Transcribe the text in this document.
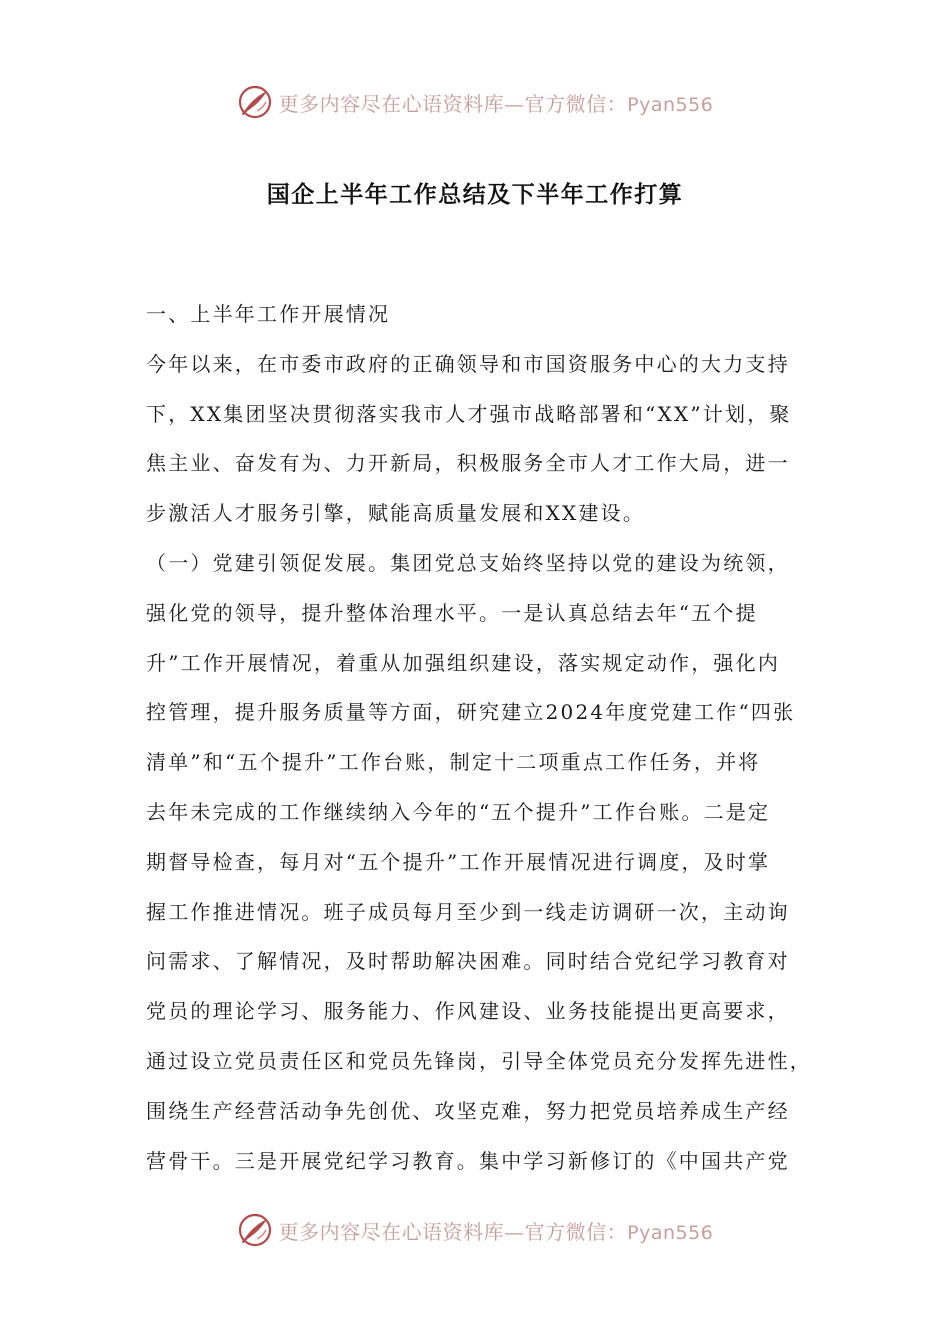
更多内容尽在心语资料库—官方微信：Pyan556
国企上半年工作总结及下半年工作打算
一、上半年工作开展情况
今年以来，在市委市政府的正确领导和市国资服务中心的大力支持
下，XX集团坚决贯彻落实我市人才强市战略部署和“XX”计划，聚
焦主业、奋发有为、力开新局，积极服务全市人才工作大局，进一
步激活人才服务引擎，赋能高质量发展和XX建设。
（一）党建引领促发展。集团党总支始终坚持以党的建设为统领，
强化党的领导，提升整体治理水平。一是认真总结去年“五个提
升”工作开展情况，着重从加强组织建设，落实规定动作，强化内
控管理，提升服务质量等方面，研究建立2024年度党建工作“四张
清单”和“五个提升”工作台账，制定十二项重点工作任务，并将
去年未完成的工作继续纳入今年的“五个提升”工作台账。二是定
期督导检查，每月对“五个提升”工作开展情况进行调度，及时掌
握工作推进情况。班子成员每月至少到一线走访调研一次，主动询
问需求、了解情况，及时帮助解决困难。同时结合党纪学习教育对
党员的理论学习、服务能力、作风建设、业务技能提出更高要求，
通过设立党员责任区和党员先锋岗，引导全体党员充分发挥先进性，
围绕生产经营活动争先创优、攻坚克难，努力把党员培养成生产经
营骨干。三是开展党纪学习教育。集中学习新修订的《中国共产党
更多内容尽在心语资料库—官方微信：Pyan556
